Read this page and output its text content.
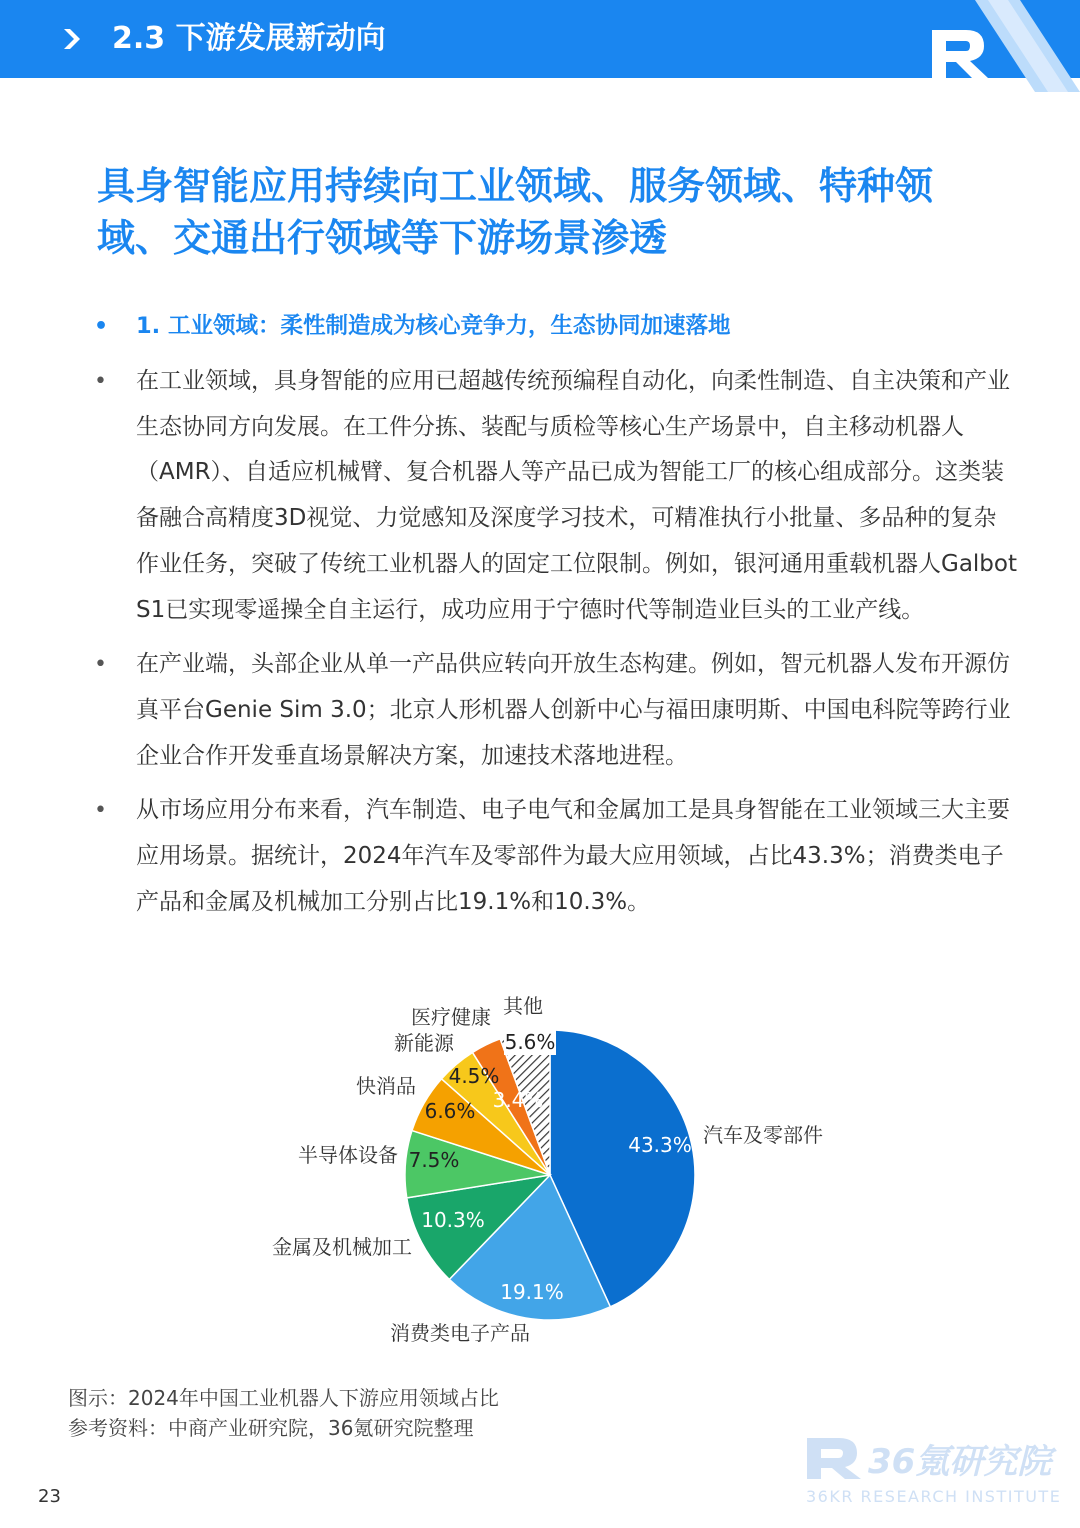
2.3 下游发展新动向
具身智能应用持续向工业领域、服务领域、特种领域、交通出行领域等下游场景渗透
• 1. 工业领域：柔性制造成为核心竞争力，生态协同加速落地
• 在工业领域，具身智能的应用已超越传统预编程自动化，向柔性制造、自主决策和产业生态协同方向发展。在工件分拣、装配与质检等核心生产场景中，自主移动机器人（AMR）、自适应机械臂、复合机器人等产品已成为智能工厂的核心组成部分。这类装备融合高精度3D视觉、力觉感知及深度学习技术，可精准执行小批量、多品种的复杂作业任务，突破了传统工业机器人的固定工位限制。例如，银河通用重载机器人Galbot S1已实现零遥操全自主运行，成功应用于宁德时代等制造业巨头的工业产线。
• 在产业端，头部企业从单一产品供应转向开放生态构建。例如，智元机器人发布开源仿真平台Genie Sim 3.0；北京人形机器人创新中心与福田康明斯、中国电科院等跨行业企业合作开发垂直场景解决方案，加速技术落地进程。
• 从市场应用分布来看，汽车制造、电子电气和金属加工是具身智能在工业领域三大主要应用场景。据统计，2024年汽车及零部件为最大应用领域，占比43.3%；消费类电子产品和金属及机械加工分别占比19.1%和10.3%。
43.3% 汽车及零部件
19.1%
消费类电子产品
10.3%
金属及机械加工
7.5%
半导体设备
6.6%
快消品 4.5%
新能源
3.4%
医疗健康
5.6%
其他
图示：2024年中国工业机器人下游应用领域占比
参考资料：中商产业研究院，36氪研究院整理
36氪研究院
36KR RESEARCH INSTITUTE
23
